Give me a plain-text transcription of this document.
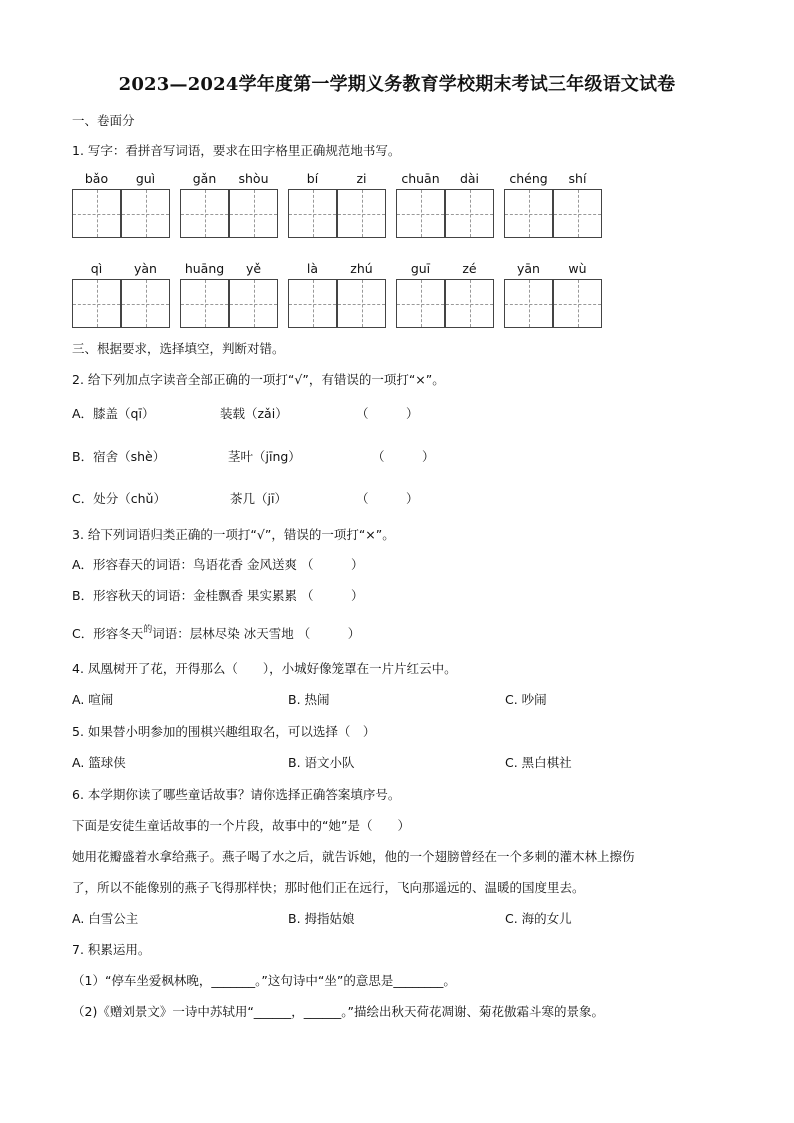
2023—2024学年度第一学期义务教育学校期末考试三年级语文试卷
一、卷面分
1. 写字：看拼音写词语，要求在田字格里正确规范地书写。
bǎo	guì	gǎn	shòu	bí	zi	chuān	dài	chéng	shí
qì	yàn	huāng	yě	là	zhú	guī	zé	yān	wù
三、根据要求，选择填空，判断对错。
2. 给下列加点字读音全部正确的一项打“√”，有错误的一项打“×”。
A．膝盖（qī）	装载（zǎi）	（　　　）
B．宿舍（shè）	茎叶（jīng）	（　　　）
C．处分（chǔ）	茶几（jī）	（　　　）
3. 给下列词语归类正确的一项打“√”，错误的一项打“×”。
A．形容春天的词语：鸟语花香 金风送爽 （　　　）
B．形容秋天的词语：金桂飘香 果实累累 （　　　）
C．形容冬天$^的$词语：层林尽染 冰天雪地 （　　　）
4. 凤凰树开了花，开得那么（　　），小城好像笼罩在一片片红云中。
A. 喧闹	B. 热闹	C. 吵闹
5. 如果替小明参加的围棋兴趣组取名，可以选择（　）
A. 篮球侠	B. 语文小队	C. 黑白棋社
6. 本学期你读了哪些童话故事？请你选择正确答案填序号。
下面是安徒生童话故事的一个片段，故事中的“她”是（　　）
她用花瓣盛着水拿给燕子。燕子喝了水之后，就告诉她，他的一个翅膀曾经在一个多刺的灌木林上擦伤
了，所以不能像别的燕子飞得那样快；那时他们正在远行，飞向那遥远的、温暖的国度里去。
A. 白雪公主	B. 拇指姑娘	C. 海的女儿
7. 积累运用。
（1）“停车坐爱枫林晚，_______。”这句诗中“坐”的意思是________。
（2)《赠刘景文》一诗中苏轼用“______，______。”描绘出秋天荷花凋谢、菊花傲霜斗寒的景象。
